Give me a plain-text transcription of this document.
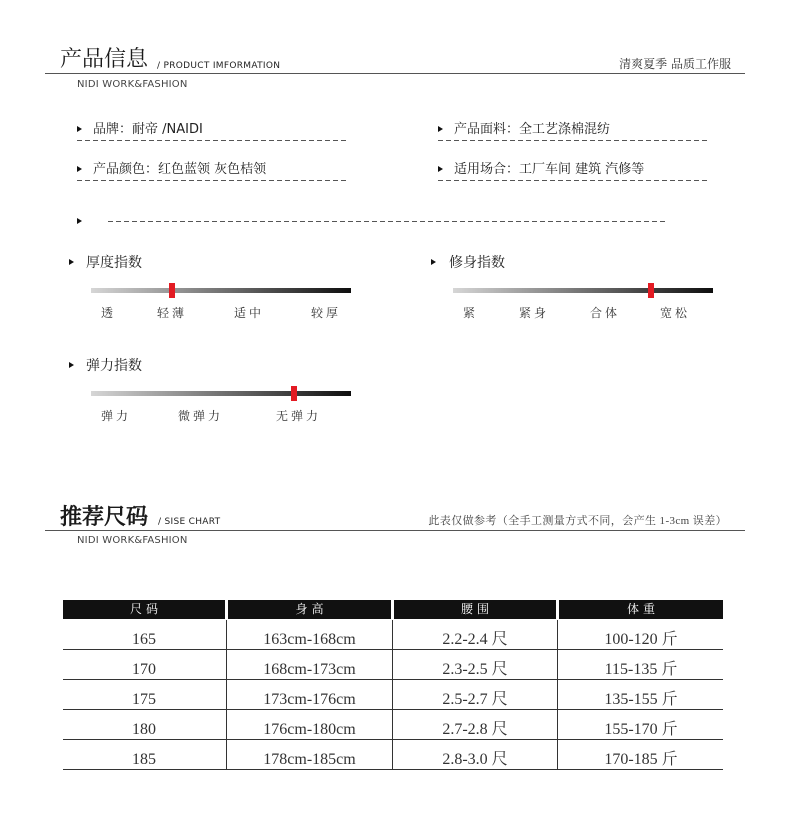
产品信息 / PRODUCT IMFORMATION	清爽夏季 品质工作服
NIDI WORK&FASHION
品牌：耐帝 /NAIDI	产品面料：全工艺涤棉混纺
产品颜色：红色蓝领 灰色桔领	适用场合：工厂车间 建筑 汽修等
厚度指数
透	轻薄	适中	较厚
修身指数
紧	紧身	合体	宽松
弹力指数
弹力	微弹力	无弹力
推荐尺码 / SISE CHART	此表仅做参考（全手工测量方式不同，会产生 1-3cm 误差）
NIDI WORK&FASHION
尺码	身高	腰围	体重
165	163cm-168cm	2.2-2.4 尺	100-120 斤
170	168cm-173cm	2.3-2.5 尺	115-135 斤
175	173cm-176cm	2.5-2.7 尺	135-155 斤
180	176cm-180cm	2.7-2.8 尺	155-170 斤
185	178cm-185cm	2.8-3.0 尺	170-185 斤
